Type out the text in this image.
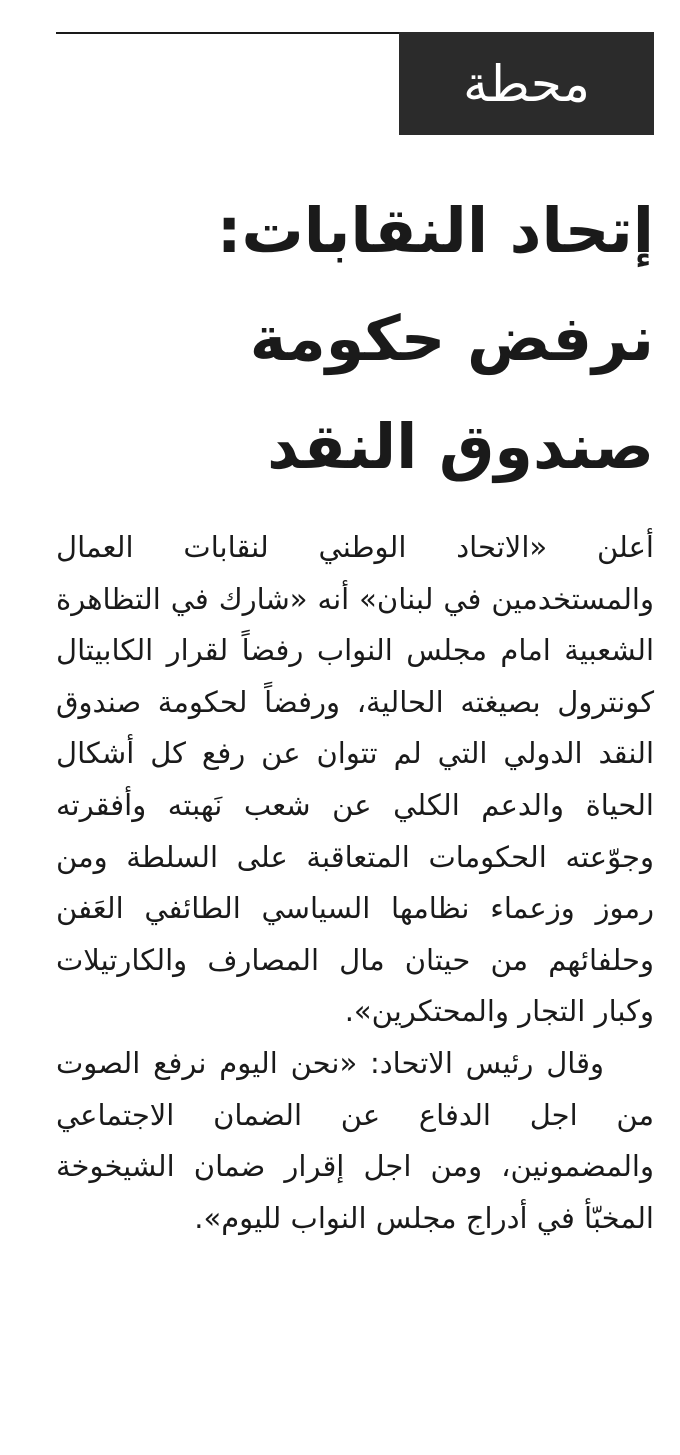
محطة
إتحاد النقابات:
نرفض حكومة
صندوق النقد

أعلن «الاتحاد الوطني لنقابات العمال والمستخدمين في لبنان» أنه «شارك في التظاهرة الشعبية امام مجلس النواب رفضاً لقرار الكابيتال كونترول بصيغته الحالية، ورفضاً لحكومة صندوق النقد الدولي التي لم تتوان عن رفع كل أشكال الحياة والدعم الكلي عن شعب نَهبته وأفقرته وجوّعته الحكومات المتعاقبة على السلطة ومن رموز وزعماء نظامها السياسي الطائفي العَفن وحلفائهم من حيتان مال المصارف والكارتيلات وكبار التجار والمحتكرين».

وقال رئيس الاتحاد: «نحن اليوم نرفع الصوت من اجل الدفاع عن الضمان الاجتماعي والمضمونين، ومن اجل إقرار ضمان الشيخوخة المخبّأ في أدراج مجلس النواب لليوم».
